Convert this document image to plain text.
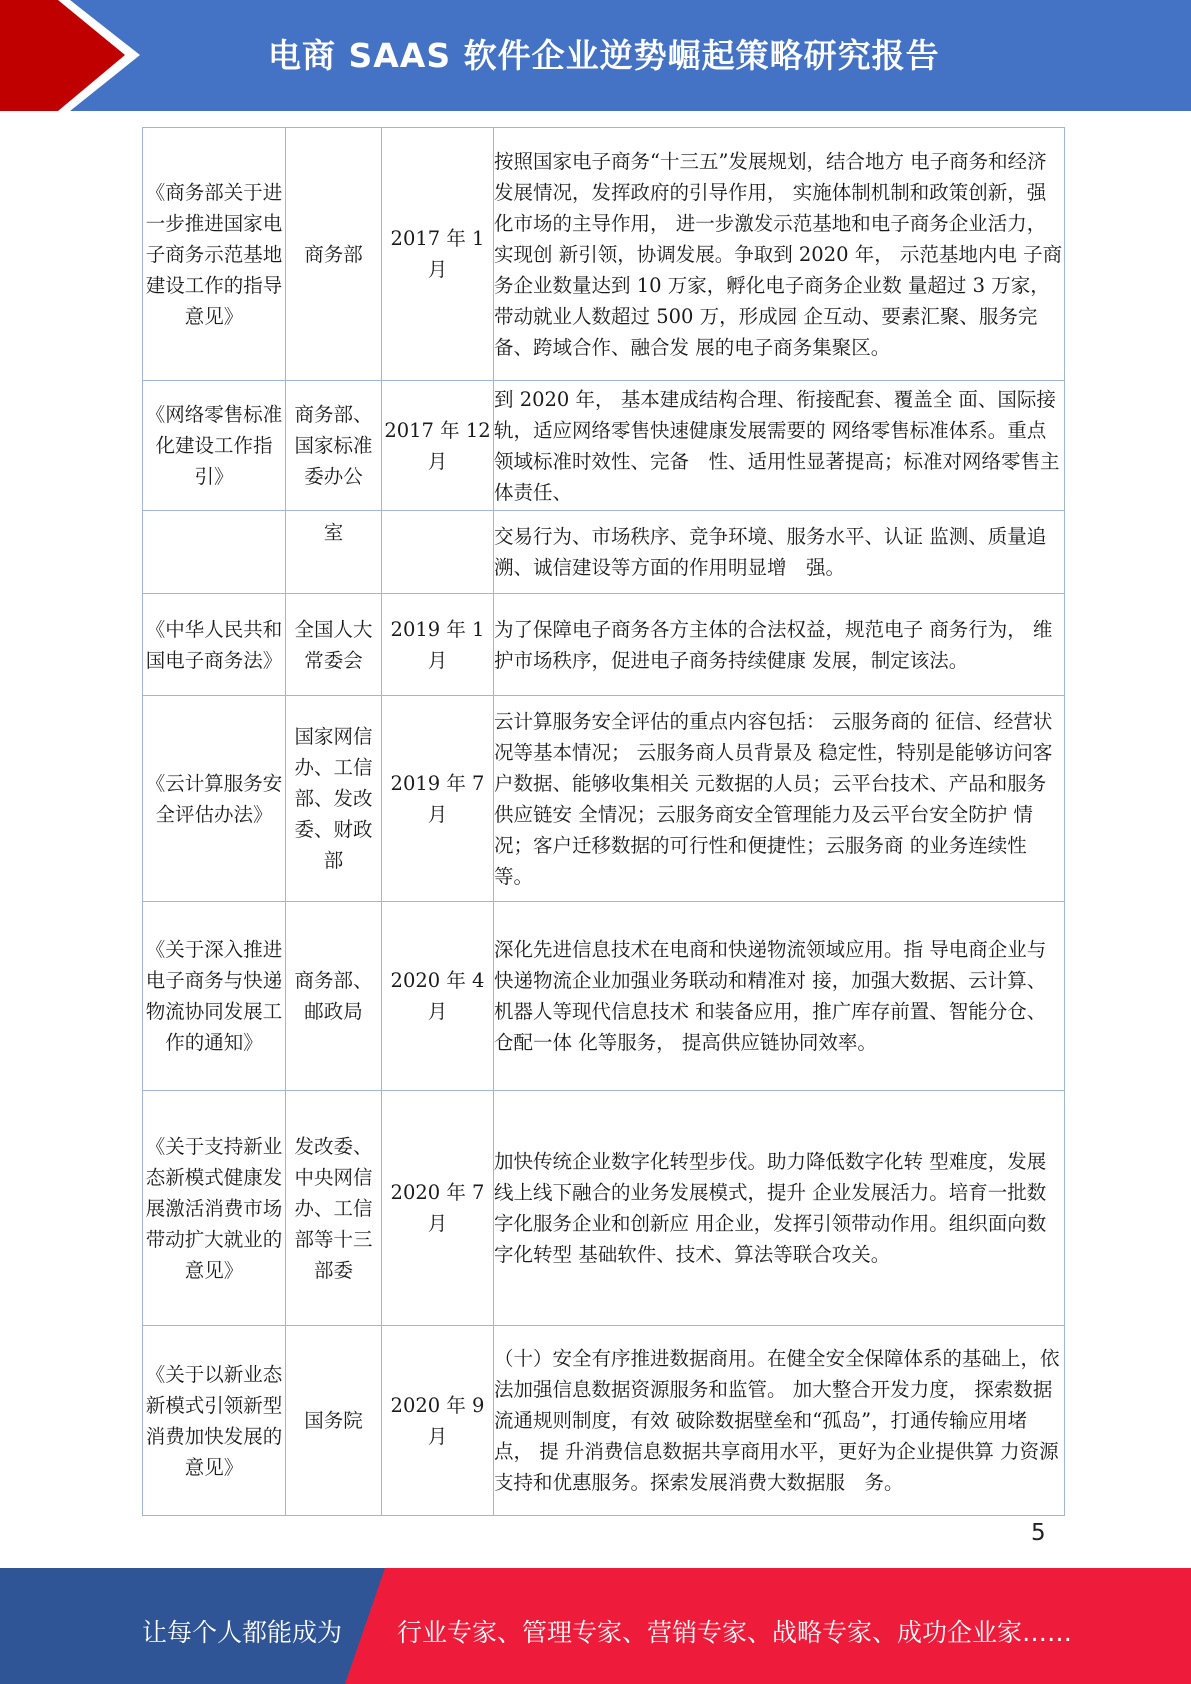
电商 SAAS 软件企业逆势崛起策略研究报告
《商务部关于进一步推进国家电子商务示范基地建设工作的指导意见》	商务部	2017 年 1 月	按照国家电子商务“十三五”发展规划，结合地方 电子商务和经济发展情况，发挥政府的引导作用， 实施体制机制和政策创新，强化市场的主导作用， 进一步激发示范基地和电子商务企业活力，实现创 新引领，协调发展。争取到 2020 年， 示范基地内电 子商务企业数量达到 10 万家，孵化电子商务企业数 量超过 3 万家，带动就业人数超过 500 万，形成园 企互动、要素汇聚、服务完备、跨域合作、融合发 展的电子商务集聚区。
《网络零售标准化建设工作指引》	商务部、国家标准委办公	2017 年 12 月	到 2020 年， 基本建成结构合理、衔接配套、覆盖全 面、国际接轨，适应网络零售快速健康发展需要的 网络零售标准体系。重点领域标准时效性、完备　性、适用性显著提高；标准对网络零售主体责任、
	室		交易行为、市场秩序、竞争环境、服务水平、认证 监测、质量追溯、诚信建设等方面的作用明显增　强。
《中华人民共和国电子商务法》	全国人大常委会	2019 年 1 月	为了保障电子商务各方主体的合法权益，规范电子 商务行为， 维护市场秩序，促进电子商务持续健康 发展，制定该法。
《云计算服务安全评估办法》	国家网信办、工信部、发改委、财政部	2019 年 7 月	云计算服务安全评估的重点内容包括： 云服务商的 征信、经营状况等基本情况； 云服务商人员背景及 稳定性，特别是能够访问客户数据、能够收集相关 元数据的人员；云平台技术、产品和服务供应链安 全情况；云服务商安全管理能力及云平台安全防护 情况；客户迁移数据的可行性和便捷性；云服务商 的业务连续性等。
《关于深入推进电子商务与快递物流协同发展工作的通知》	商务部、邮政局	2020 年 4 月	深化先进信息技术在电商和快递物流领域应用。指 导电商企业与快递物流企业加强业务联动和精准对 接，加强大数据、云计算、机器人等现代信息技术 和装备应用，推广库存前置、智能分仓、仓配一体 化等服务， 提高供应链协同效率。
《关于支持新业态新模式健康发展激活消费市场带动扩大就业的意见》	发改委、中央网信办、工信部等十三部委	2020 年 7 月	加快传统企业数字化转型步伐。助力降低数字化转 型难度，发展线上线下融合的业务发展模式，提升 企业发展活力。培育一批数字化服务企业和创新应 用企业，发挥引领带动作用。组织面向数字化转型 基础软件、技术、算法等联合攻关。
《关于以新业态新模式引领新型消费加快发展的意见》	国务院	2020 年 9 月	（十）安全有序推进数据商用。在健全安全保障体系的基础上，依法加强信息数据资源服务和监管。 加大整合开发力度， 探索数据流通规则制度，有效 破除数据壁垒和“孤岛”，打通传输应用堵点， 提 升消费信息数据共享商用水平，更好为企业提供算 力资源支持和优惠服务。探索发展消费大数据服　务。
5
让每个人都能成为 行业专家、管理专家、营销专家、战略专家、成功企业家……
